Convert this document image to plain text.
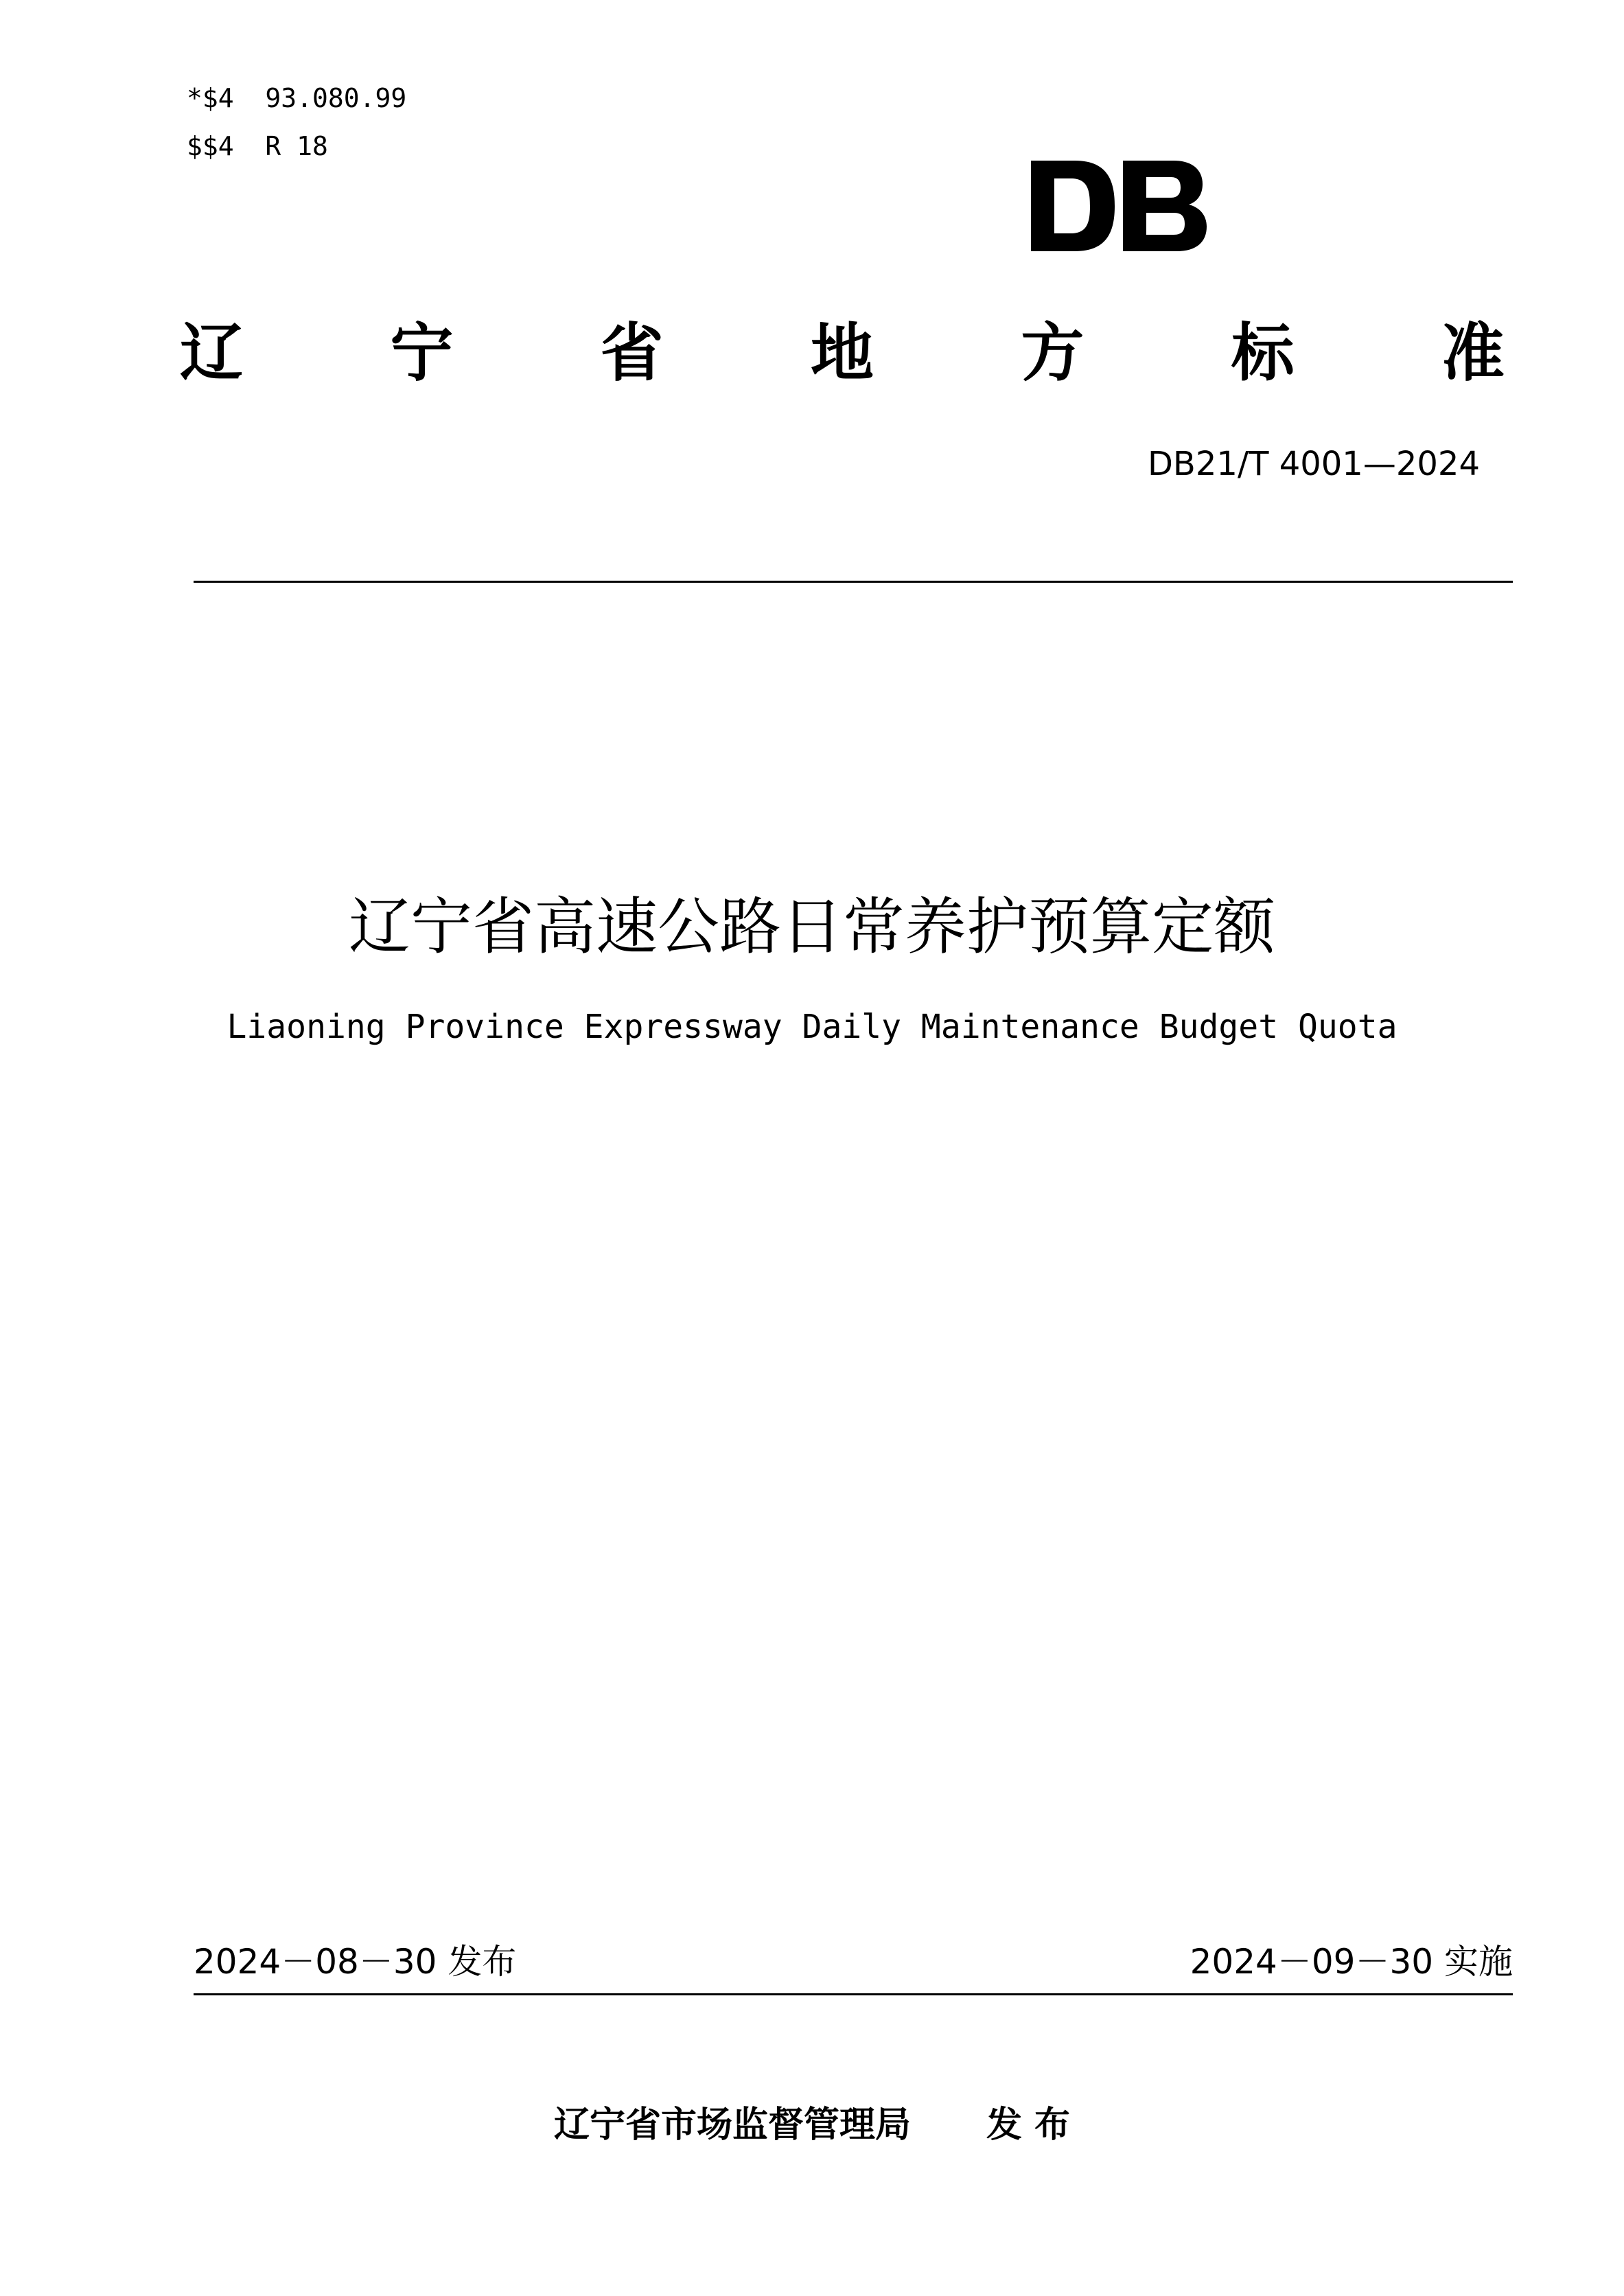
*$4  93.080.99
$$4  R 18
辽 宁 省 地 方 标 准
DB21/T 4001—2024
辽宁省高速公路日常养护预算定额
Liaoning Province Expressway Daily Maintenance Budget Quota
2024－08－30 发布	2024－09－30 实施
辽宁省市场监督管理局 发 布
